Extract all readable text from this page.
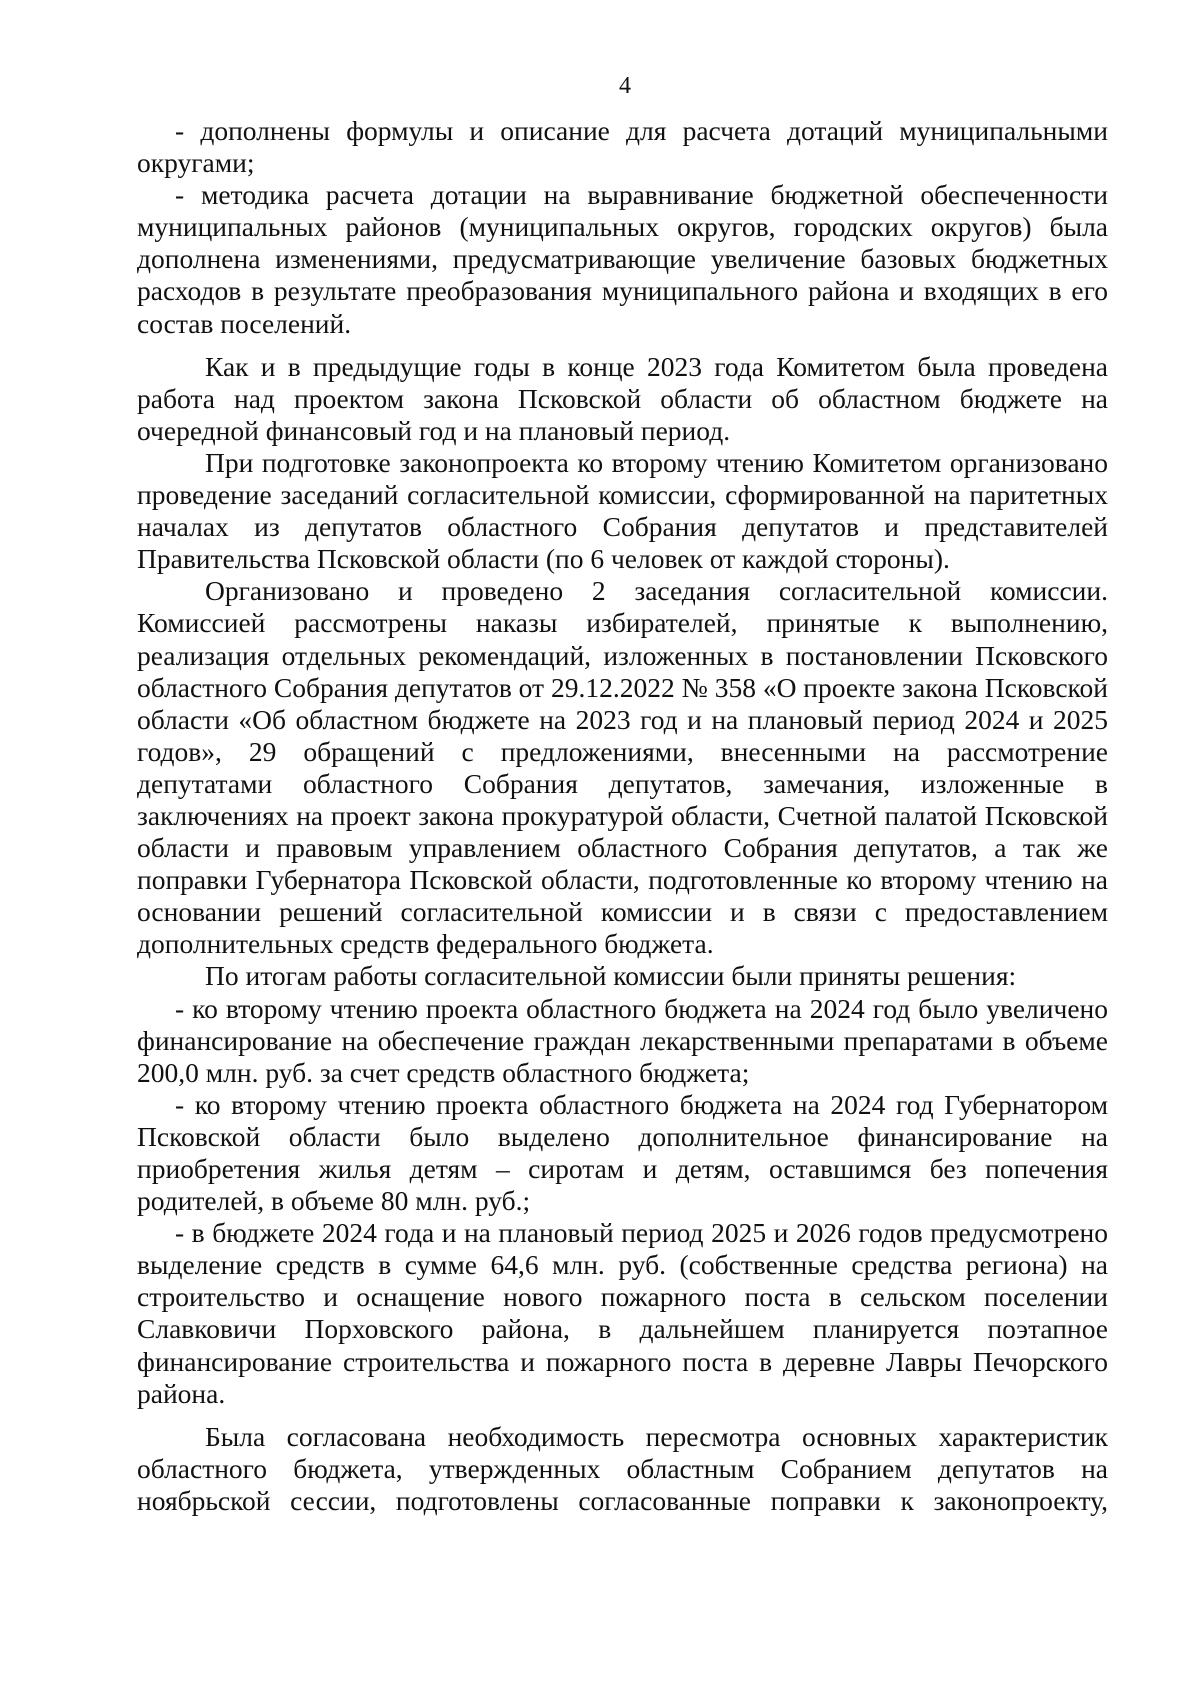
4

- дополнены формулы и описание для расчета дотаций муниципальными округами;

- методика расчета дотации на выравнивание бюджетной обеспеченности муниципальных районов (муниципальных округов, городских округов) была дополнена изменениями, предусматривающие увеличение базовых бюджетных расходов в результате преобразования муниципального района и входящих в его состав поселений.

Как и в предыдущие годы в конце 2023 года Комитетом была проведена работа над проектом закона Псковской области об областном бюджете на очередной финансовый год и на плановый период.

При подготовке законопроекта ко второму чтению Комитетом организовано проведение заседаний согласительной комиссии, сформированной на паритетных началах из депутатов областного Собрания депутатов и представителей Правительства Псковской области (по 6 человек от каждой стороны).

Организовано и проведено 2 заседания согласительной комиссии. Комиссией рассмотрены наказы избирателей, принятые к выполнению, реализация отдельных рекомендаций, изложенных в постановлении Псковского областного Собрания депутатов от 29.12.2022 № 358 «О проекте закона Псковской области «Об областном бюджете на 2023 год и на плановый период 2024 и 2025 годов», 29 обращений с предложениями, внесенными на рассмотрение депутатами областного Собрания депутатов, замечания, изложенные в заключениях на проект закона прокуратурой области, Счетной палатой Псковской области и правовым управлением областного Собрания депутатов, а так же поправки Губернатора Псковской области, подготовленные ко второму чтению на основании решений согласительной комиссии и в связи с предоставлением дополнительных средств федерального бюджета.

По итогам работы согласительной комиссии были приняты решения:

- ко второму чтению проекта областного бюджета на 2024 год было увеличено финансирование на обеспечение граждан лекарственными препаратами в объеме 200,0 млн. руб. за счет средств областного бюджета;

- ко второму чтению проекта областного бюджета на 2024 год Губернатором Псковской области было выделено дополнительное финансирование на приобретения жилья детям – сиротам и детям, оставшимся без попечения родителей, в объеме 80 млн. руб.;

- в бюджете 2024 года и на плановый период 2025 и 2026 годов предусмотрено выделение средств в сумме 64,6 млн. руб. (собственные средства региона) на строительство и оснащение нового пожарного поста в сельском поселении Славковичи Порховского района, в дальнейшем планируется поэтапное финансирование строительства и пожарного поста в деревне Лавры Печорского района.

Была согласована необходимость пересмотра основных характеристик областного бюджета, утвержденных областным Собранием депутатов на ноябрьской сессии, подготовлены согласованные поправки к законопроекту,
